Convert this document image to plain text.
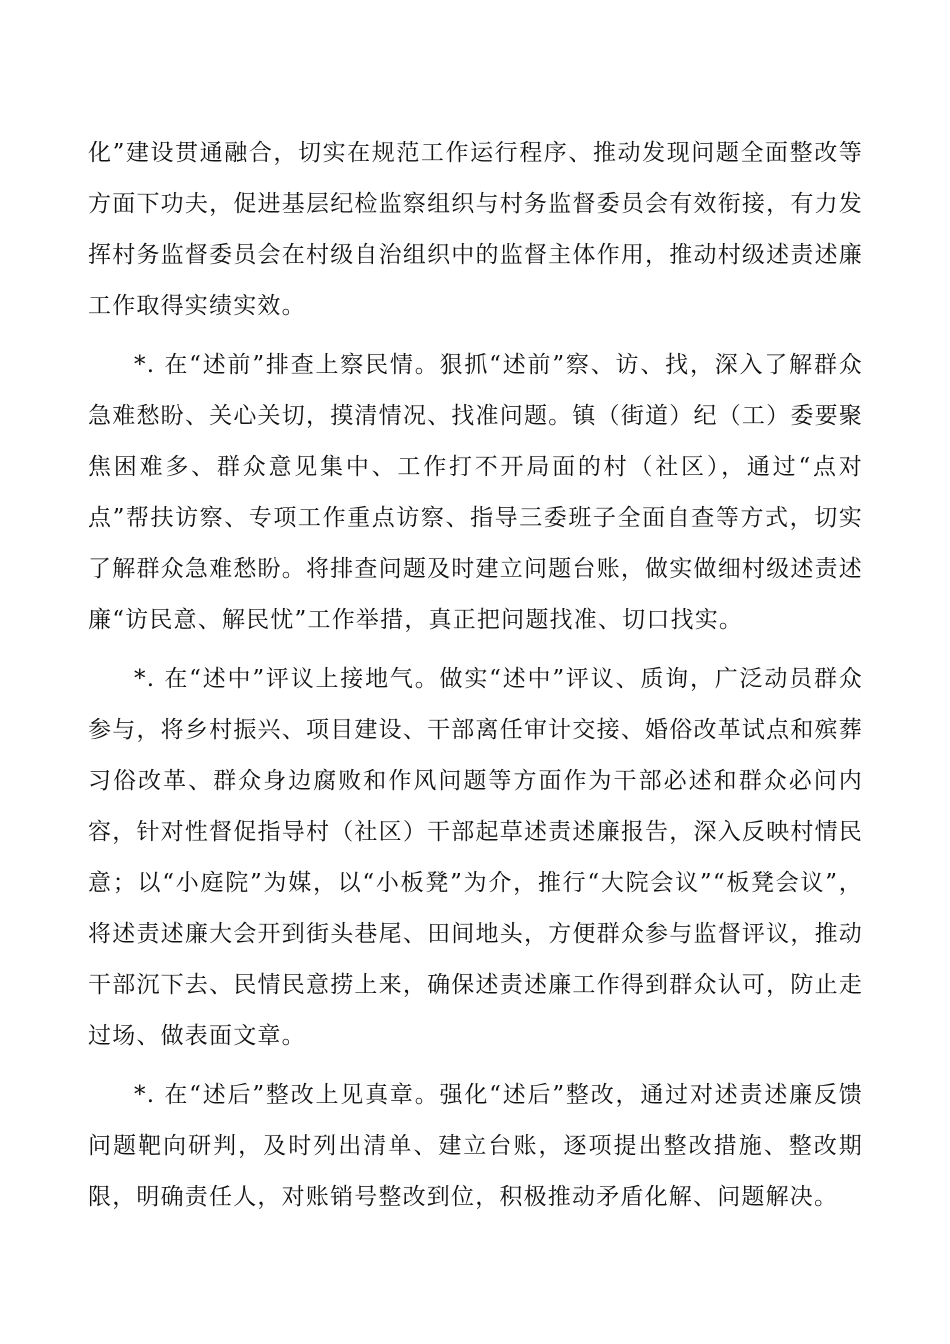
化”建设贯通融合，切实在规范工作运行程序、推动发现问题全面整改等方面下功夫，促进基层纪检监察组织与村务监督委员会有效衔接，有力发挥村务监督委员会在村级自治组织中的监督主体作用，推动村级述责述廉工作取得实绩实效。

*. 在“述前”排查上察民情。狠抓“述前”察、访、找，深入了解群众急难愁盼、关心关切，摸清情况、找准问题。镇（街道）纪（工）委要聚焦困难多、群众意见集中、工作打不开局面的村（社区），通过“点对点”帮扶访察、专项工作重点访察、指导三委班子全面自查等方式，切实了解群众急难愁盼。将排查问题及时建立问题台账，做实做细村级述责述廉“访民意、解民忧”工作举措，真正把问题找准、切口找实。

*. 在“述中”评议上接地气。做实“述中”评议、质询，广泛动员群众参与，将乡村振兴、项目建设、干部离任审计交接、婚俗改革试点和殡葬习俗改革、群众身边腐败和作风问题等方面作为干部必述和群众必问内容，针对性督促指导村（社区）干部起草述责述廉报告，深入反映村情民意；以“小庭院”为媒，以“小板凳”为介，推行“大院会议”“板凳会议”，将述责述廉大会开到街头巷尾、田间地头，方便群众参与监督评议，推动干部沉下去、民情民意捞上来，确保述责述廉工作得到群众认可，防止走过场、做表面文章。

*. 在“述后”整改上见真章。强化“述后”整改，通过对述责述廉反馈问题靶向研判，及时列出清单、建立台账，逐项提出整改措施、整改期限，明确责任人，对账销号整改到位，积极推动矛盾化解、问题解决。
